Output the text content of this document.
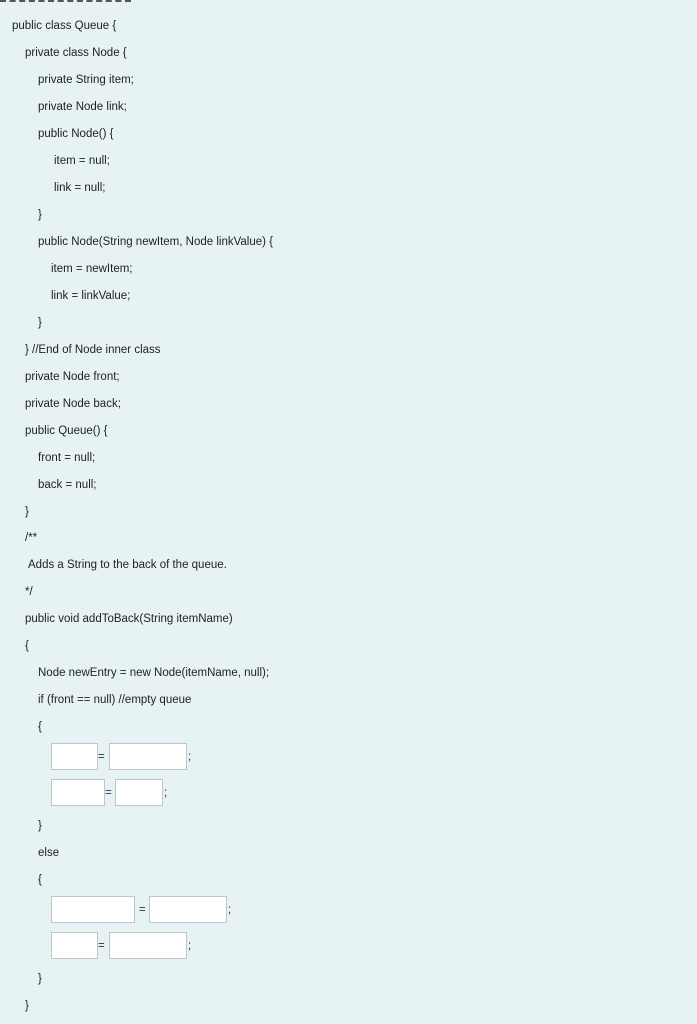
public class Queue {
private class Node {
private String item;
private Node link;
public Node() {
item = null;
link = null;
}
public Node(String newItem, Node linkValue) {
item = newItem;
link = linkValue;
}
} //End of Node inner class
private Node front;
private Node back;
public Queue() {
front = null;
back = null;
}
/**
Adds a String to the back of the queue.
*/
public void addToBack(String itemName)
{
Node newEntry = new Node(itemName, null);
if (front == null) //empty queue
{
=	;
=	;
}
else
{
=	;
=	;
}
}
